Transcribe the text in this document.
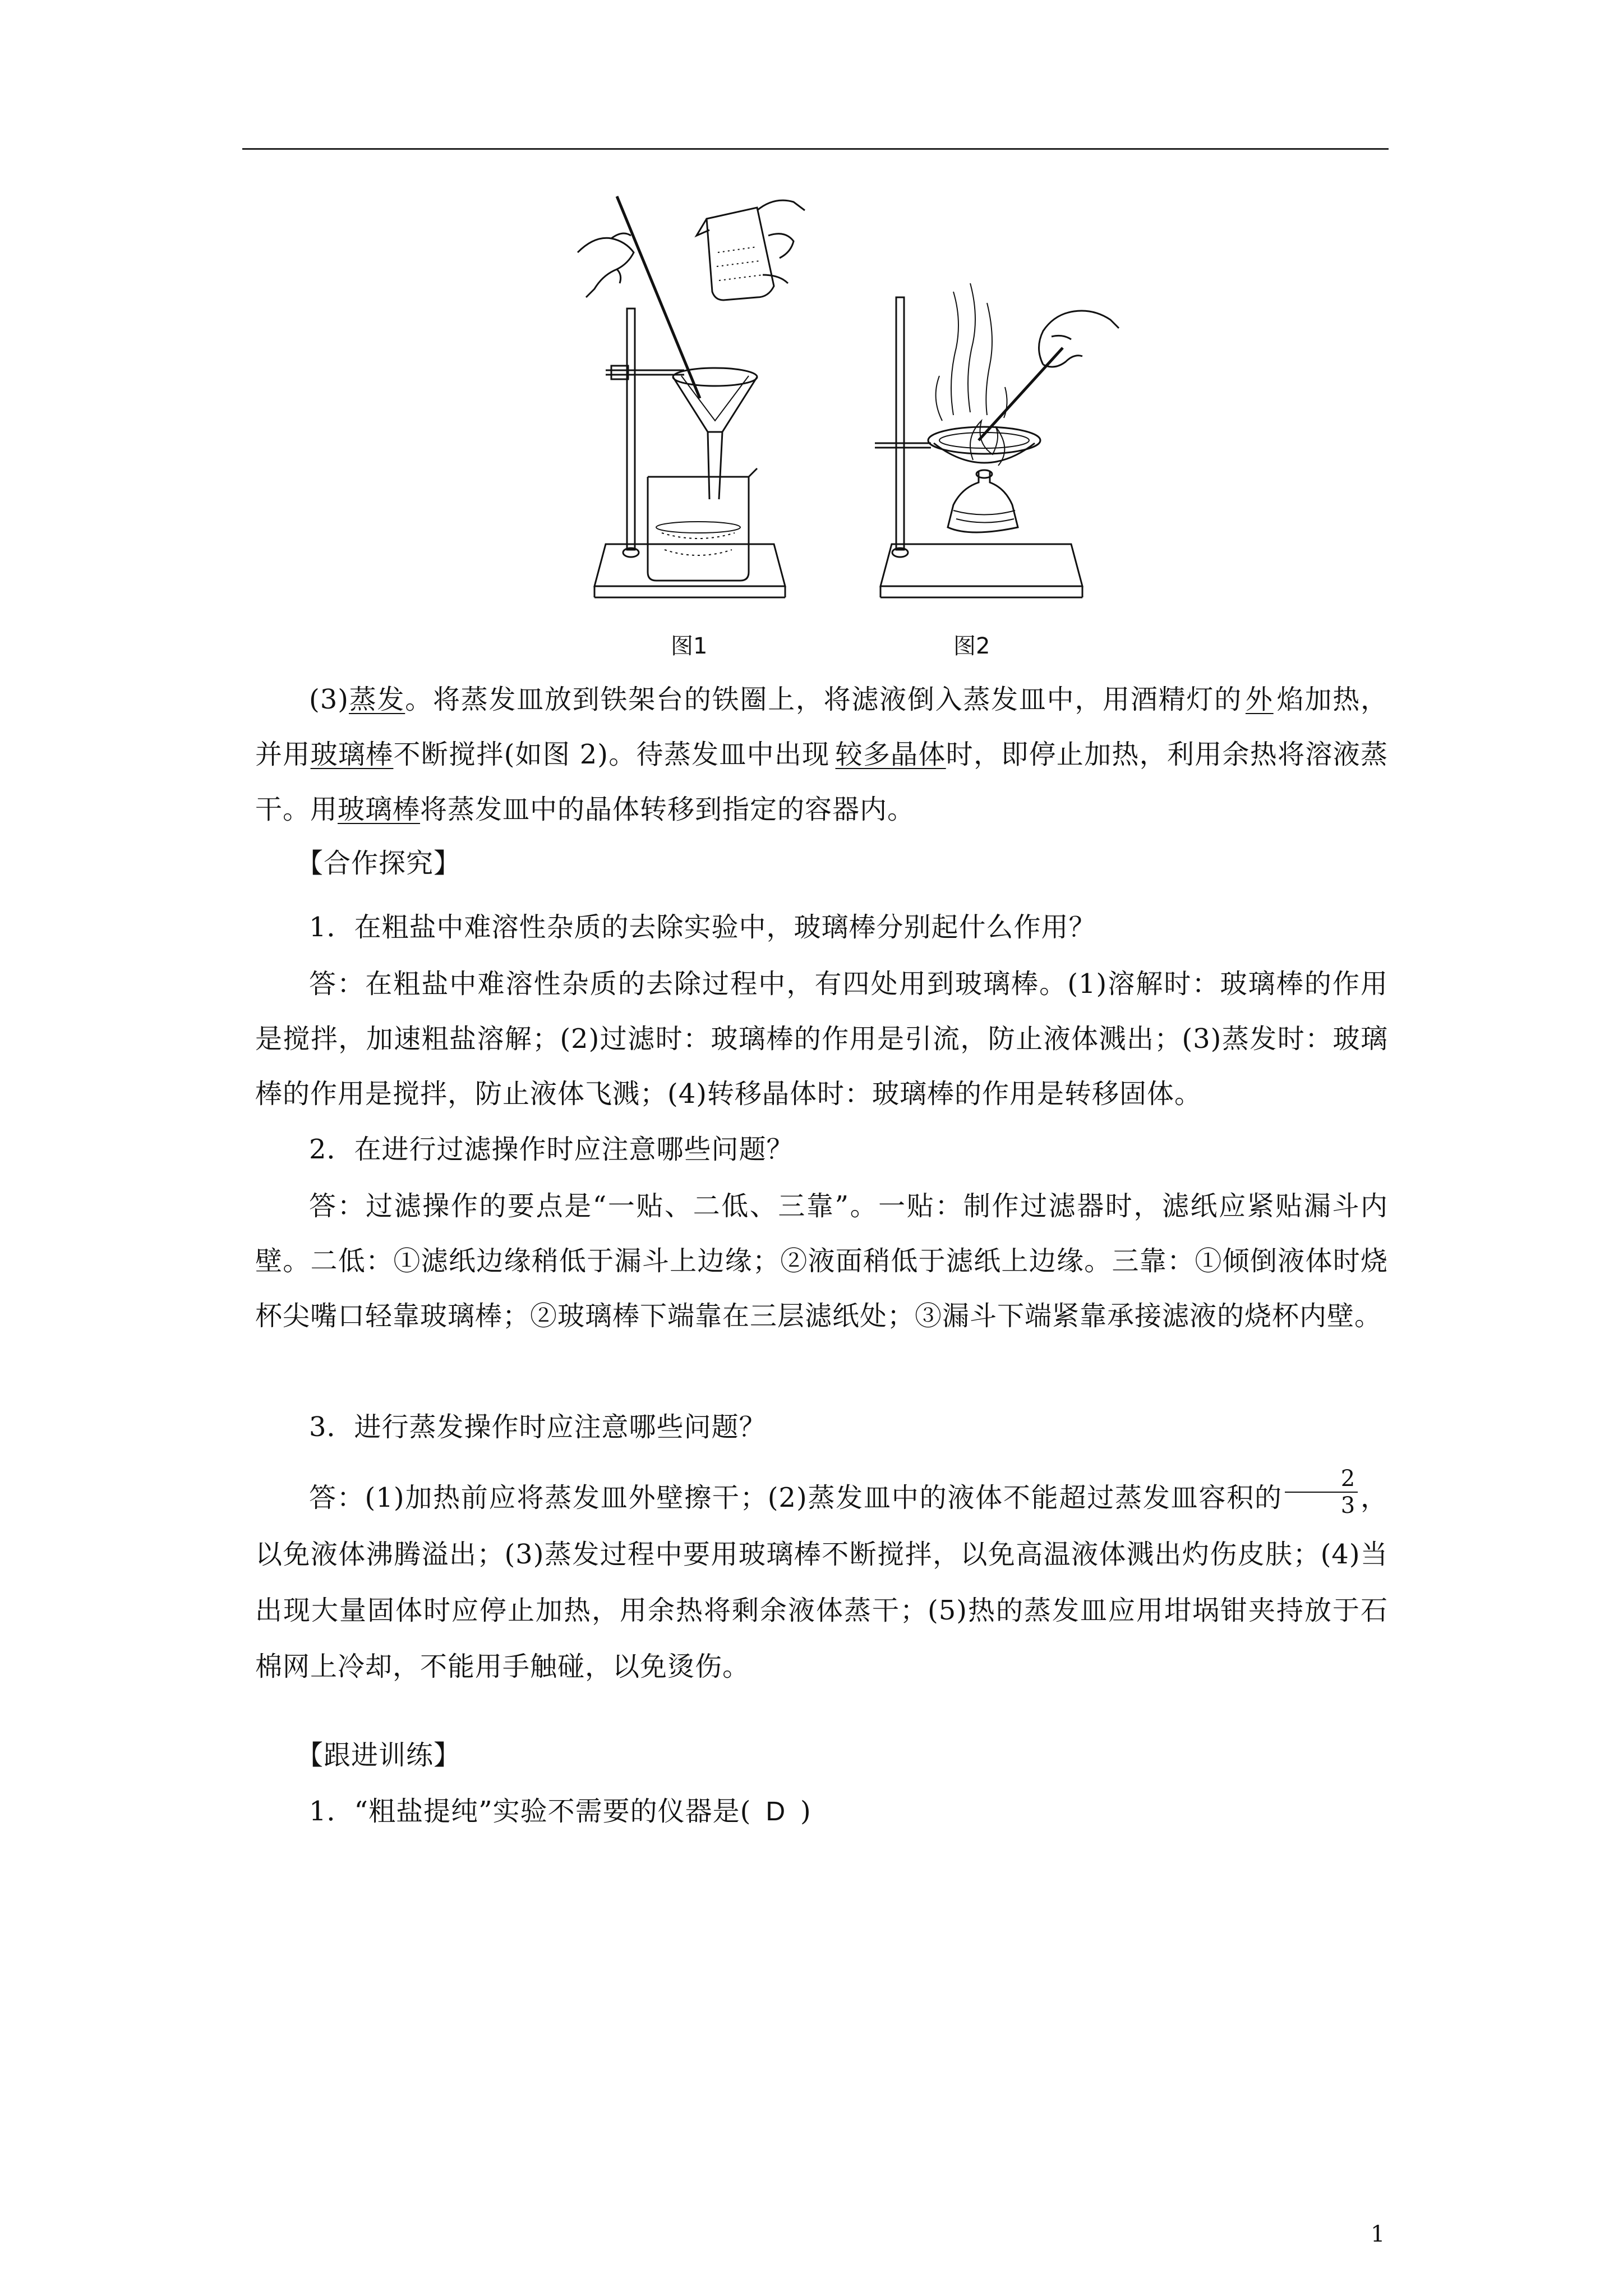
图1	图2
(3)蒸发。将蒸发皿放到铁架台的铁圈上，将滤液倒入蒸发皿中，用酒精灯的 外 焰加热，并用玻璃棒不断搅拌(如图 2)。待蒸发皿中出现 较多晶体时，即停止加热，利用余热将溶液蒸干。用玻璃棒将蒸发皿中的晶体转移到指定的容器内。
【合作探究】
1．在粗盐中难溶性杂质的去除实验中，玻璃棒分别起什么作用？
答：在粗盐中难溶性杂质的去除过程中，有四处用到玻璃棒。(1)溶解时：玻璃棒的作用是搅拌，加速粗盐溶解；(2)过滤时：玻璃棒的作用是引流，防止液体溅出；(3)蒸发时：玻璃棒的作用是搅拌，防止液体飞溅；(4)转移晶体时：玻璃棒的作用是转移固体。
2．在进行过滤操作时应注意哪些问题？
答：过滤操作的要点是“一贴、二低、三靠”。一贴：制作过滤器时，滤纸应紧贴漏斗内壁。二低：①滤纸边缘稍低于漏斗上边缘；②液面稍低于滤纸上边缘。三靠：①倾倒液体时烧杯尖嘴口轻靠玻璃棒；②玻璃棒下端靠在三层滤纸处；③漏斗下端紧靠承接滤液的烧杯内壁。
3．进行蒸发操作时应注意哪些问题？
答：(1)加热前应将蒸发皿外壁擦干；(2)蒸发皿中的液体不能超过蒸发皿容积的 $\frac{2}{3}$ ，以免液体沸腾溢出；(3)蒸发过程中要用玻璃棒不断搅拌，以免高温液体溅出灼伤皮肤；(4)当出现大量固体时应停止加热，用余热将剩余液体蒸干；(5)热的蒸发皿应用坩埚钳夹持放于石棉网上冷却，不能用手触碰，以免烫伤。
【跟进训练】
1．“粗盐提纯”实验不需要的仪器是( D )
1
